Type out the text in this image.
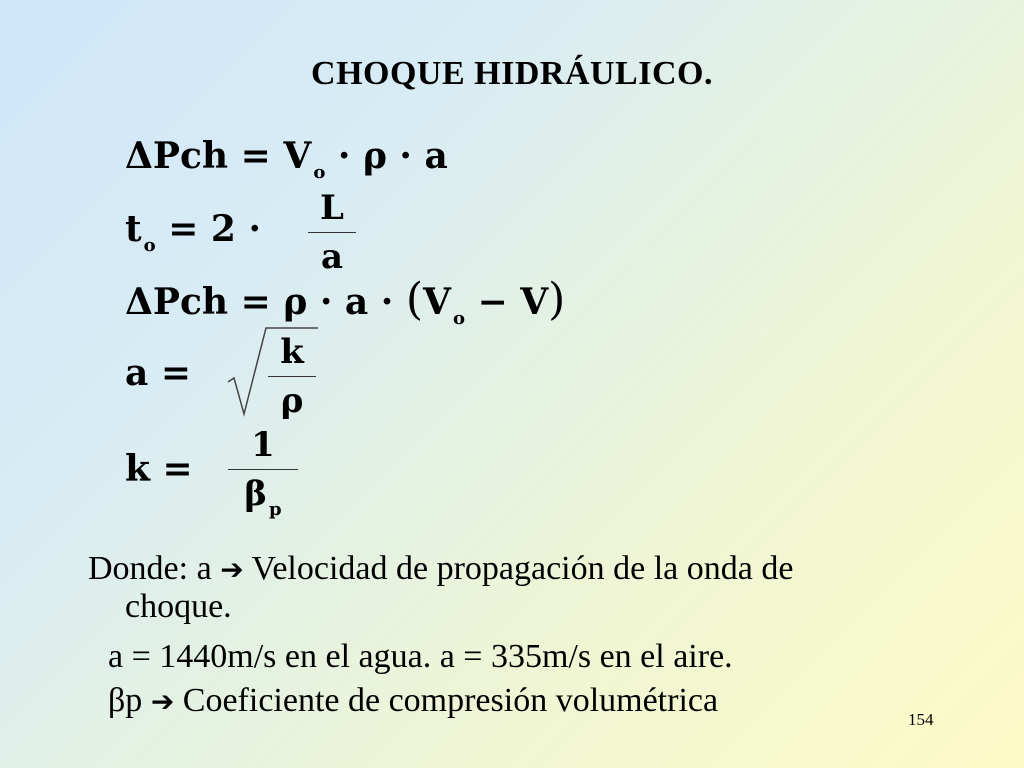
CHOQUE HIDRÁULICO.
ΔPch = V $_o$ · ρ · a
t $_o$ = 2 ·	L
a
ΔPch = ρ · a · (V $_o$ − V)
a =	k
ρ
k =
1
β $_p$
Donde: a ➔ Velocidad de propagación de la onda de
choque.
a = 1440m/s en el agua. a = 335m/s en el aire.
βp ➔ Coeficiente de compresión volumétrica
154
